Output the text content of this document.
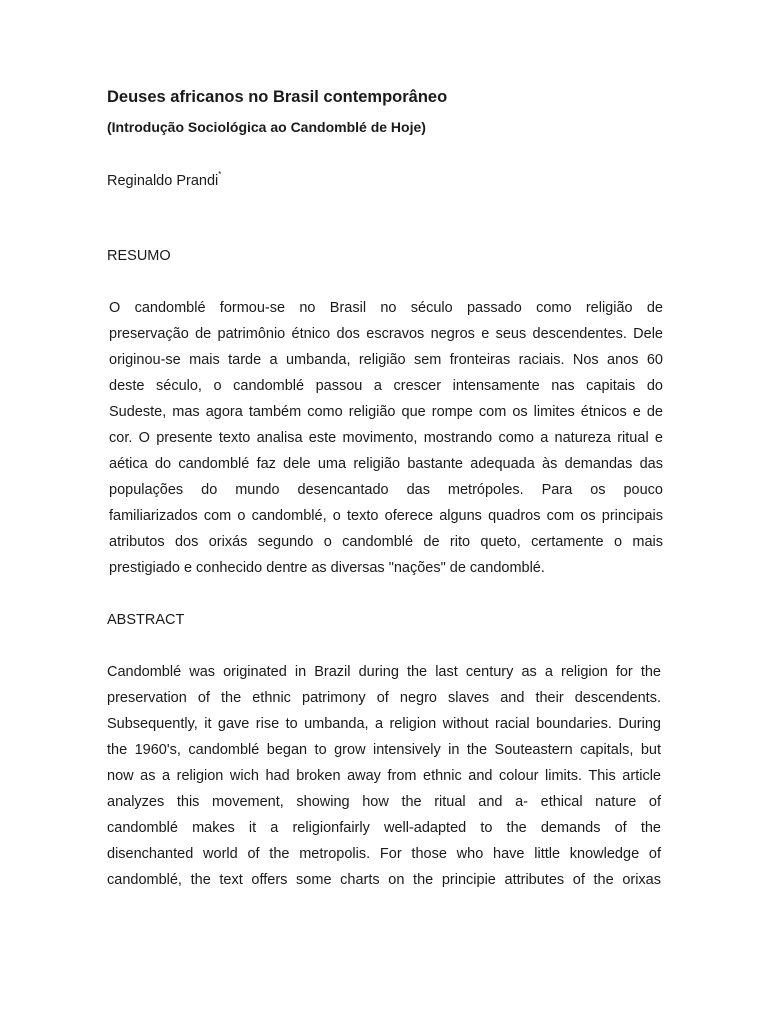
Deuses africanos no Brasil contemporâneo
(Introdução Sociológica ao Candomblé de Hoje)
Reginaldo Prandi*
RESUMO
O candomblé formou-se no Brasil no século passado como religião de
preservação de patrimônio étnico dos escravos negros e seus descendentes. Dele
originou-se mais tarde a umbanda, religião sem fronteiras raciais. Nos anos 60
deste século, o candomblé passou a crescer intensamente nas capitais do
Sudeste, mas agora também como religião que rompe com os limites étnicos e de
cor. O presente texto analisa este movimento, mostrando como a natureza ritual e
aética do candomblé faz dele uma religião bastante adequada às demandas das
populações do mundo desencantado das metrópoles. Para os pouco
familiarizados com o candomblé, o texto oferece alguns quadros com os principais
atributos dos orixás segundo o candomblé de rito queto, certamente o mais
prestigiado e conhecido dentre as diversas "nações" de candomblé.
ABSTRACT
Candomblé was originated in Brazil during the last century as a religion for the
preservation of the ethnic patrimony of negro slaves and their descendents.
Subsequently, it gave rise to umbanda, a religion without racial boundaries. During
the 1960's, candomblé began to grow intensively in the Souteastern capitals, but
now as a religion wich had broken away from ethnic and colour limits. This article
analyzes this movement, showing how the ritual and a- ethical nature of
candomblé makes it a religionfairly well-adapted to the demands of the
disenchanted world of the metropolis. For those who have little knowledge of
candomblé, the text offers some charts on the principie attributes of the orixas
